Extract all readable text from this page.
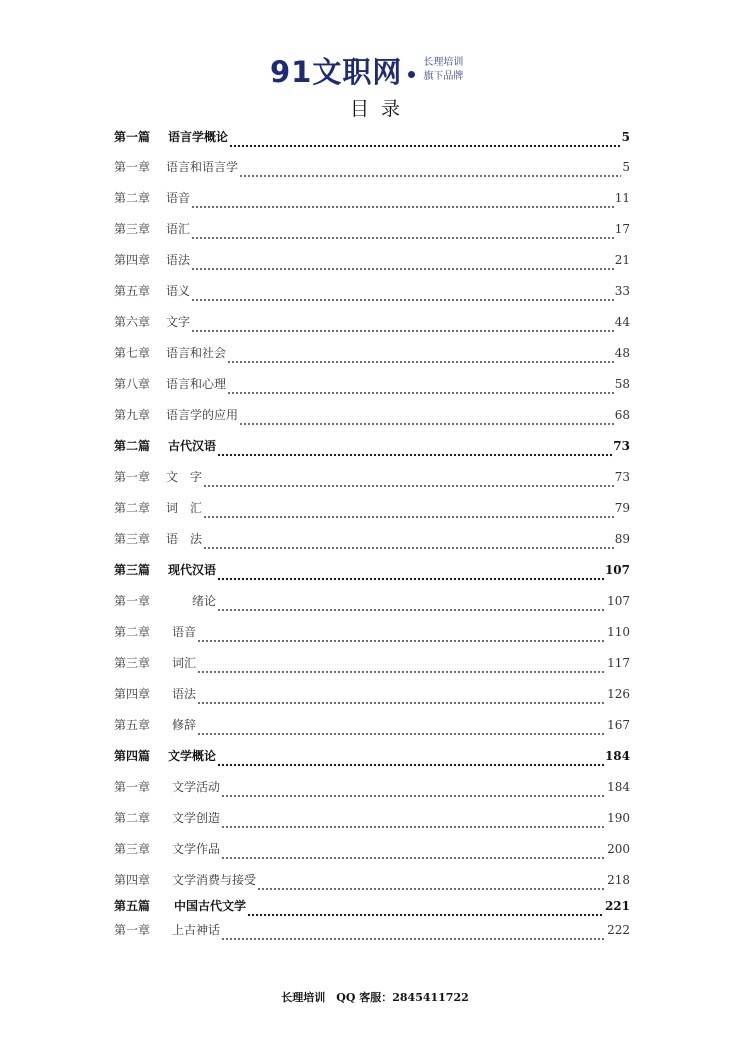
91文职网 长理培训
旗下品牌
目录
第一篇	语言学概论	5
第一章	语言和语言学	5
第二章	语音	11
第三章	语汇	17
第四章	语法	21
第五章	语义	33
第六章	文字	44
第七章	语言和社会	48
第八章	语言和心理	58
第九章	语言学的应用	68
第二篇	古代汉语	73
第一章	文　字	73
第二章	词　汇	79
第三章	语　法	89
第三篇	现代汉语	107
第一章	绪论	107
第二章	语音	110
第三章	词汇	117
第四章	语法	126
第五章	修辞	167
第四篇	文学概论	184
第一章	文学活动	184
第二章	文学创造	190
第三章	文学作品	200
第四章	文学消费与接受	218
第五篇	中国古代文学	221
第一章	上古神话	222
长理培训　QQ 客服：2845411722
